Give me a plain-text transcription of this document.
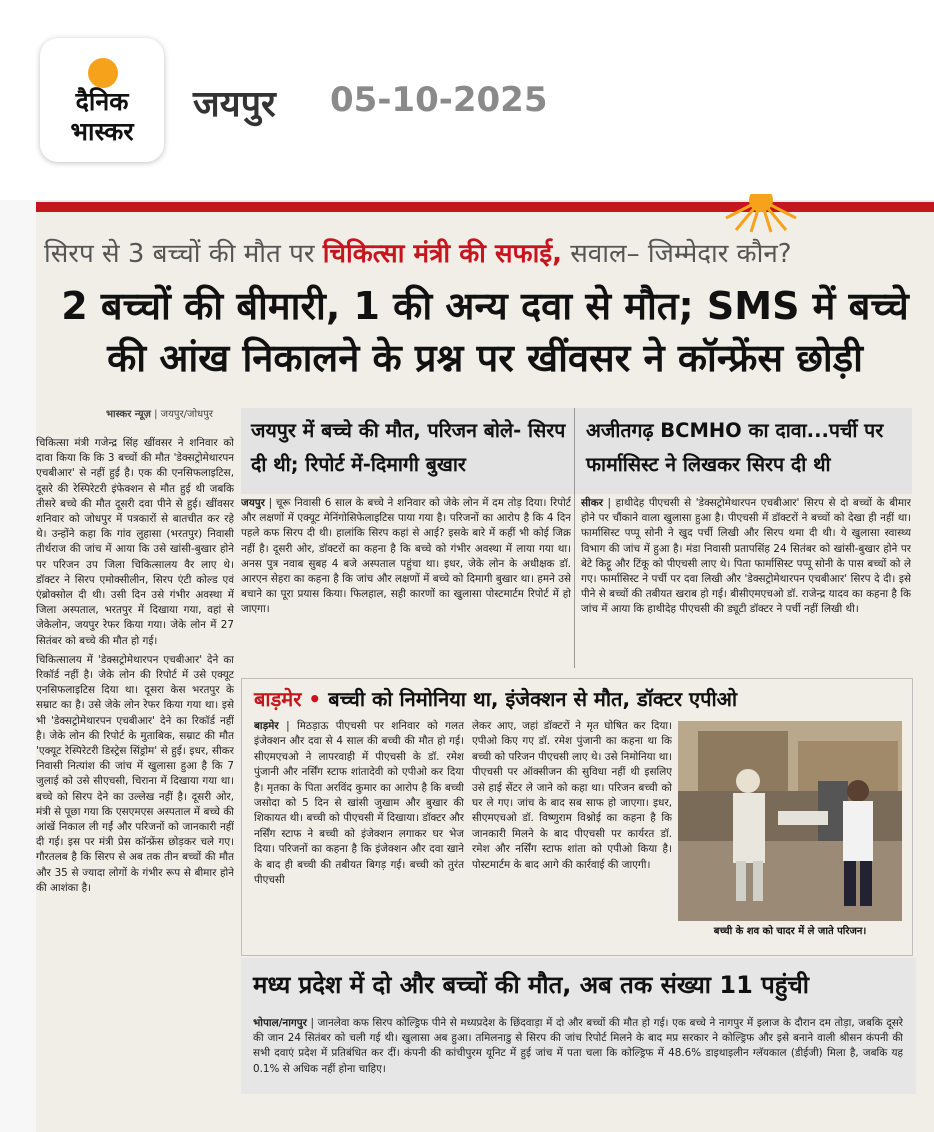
दैनिक
भास्कर
जयपुर 05-10-2025
सिरप से 3 बच्चों की मौत पर चिकित्सा मंत्री की सफाई, सवाल– जिम्मेदार कौन?
2 बच्चों की बीमारी, 1 की अन्य दवा से मौत; SMS में बच्चे
की आंख निकालने के प्रश्न पर खींवसर ने कॉन्फ्रेंस छोड़ी
भास्कर न्यूज़ | जयपुर/जोधपुर

चिकित्सा मंत्री गजेन्द्र सिंह खींवसर ने शनिवार को दावा किया कि कि 3 बच्चों की मौत 'डेक्सट्रोमेथारपन एचबीआर' से नहीं हुई है। एक की एनसिफलाइटिस, दूसरे की रेस्पिरेटरी इंफेक्शन से मौत हुई थी जबकि तीसरे बच्चे की मौत दूसरी दवा पीने से हुई। खींवसर शनिवार को जोधपुर में पत्रकारों से बातचीत कर रहे थे। उन्होंने कहा कि गांव लुहासा (भरतपुर) निवासी तीर्थराज की जांच में आया कि उसे खांसी-बुखार होने पर परिजन उप जिला चिकित्सालय वैर लाए थे। डॉक्टर ने सिरप एमोक्सीलीन, सिरप एंटी कोल्ड एवं एंब्रोक्सोल दी थी। उसी दिन उसे गंभीर अवस्था में जिला अस्पताल, भरतपुर में दिखाया गया, वहां से जेकेलोन, जयपुर रेफर किया गया। जेके लोन में 27 सितंबर को बच्चे की मौत हो गई।

चिकित्सालय में 'डेक्सट्रोमेथारपन एचबीआर' देने का रिकॉर्ड नहीं है। जेके लोन की रिपोर्ट में उसे एक्यूट एनसिफलाइटिस दिया था। दूसरा केस भरतपुर के सम्राट का है। उसे जेके लोन रेफर किया गया था। इसे भी 'डेक्सट्रोमेथारपन एचबीआर' देने का रिकॉर्ड नहीं है। जेके लोन की रिपोर्ट के मुताबिक, सम्राट की मौत 'एक्यूट रेस्पिरेटरी डिस्ट्रेस सिंड्रोम' से हुई। इधर, सीकर निवासी नित्यांश की जांच में खुलासा हुआ है कि 7 जुलाई को उसे सीएचसी, चिराना में दिखाया गया था। बच्चे को सिरप देने का उल्लेख नहीं है। दूसरी ओर, मंत्री से पूछा गया कि एसएमएस अस्पताल में बच्चे की आंखें निकाल ली गईं और परिजनों को जानकारी नहीं दी गई। इस पर मंत्री प्रेस कॉन्फ्रेंस छोड़कर चले गए। गौरतलब है कि सिरप से अब तक तीन बच्चों की मौत और 35 से ज्यादा लोगों के गंभीर रूप से बीमार होने की आशंका है।

जयपुर में बच्चे की मौत, परिजन बोले- सिरप दी थी; रिपोर्ट में-दिमागी बुखार
अजीतगढ़ BCMHO का दावा...पर्ची पर फार्मासिस्ट ने लिखकर सिरप दी थी
जयपुर | चूरू निवासी 6 साल के बच्चे ने शनिवार को जेके लोन में दम तोड़ दिया। रिपोर्ट और लक्षणों में एक्यूट मेनिंगोसिफेलाइटिस पाया गया है। परिजनों का आरोप है कि 4 दिन पहले कफ सिरप दी थी। हालांकि सिरप कहां से आई? इसके बारे में कहीं भी कोई जिक्र नहीं है। दूसरी ओर, डॉक्टरों का कहना है कि बच्चे को गंभीर अवस्था में लाया गया था। अनस पुत्र नवाब सुबह 4 बजे अस्पताल पहुंचा था। इधर, जेके लोन के अधीक्षक डॉ. आरएन सेहरा का कहना है कि जांच और लक्षणों में बच्चे को दिमागी बुखार था। हमने उसे बचाने का पूरा प्रयास किया। फिलहाल, सही कारणों का खुलासा पोस्टमार्टम रिपोर्ट में हो जाएगा।
सीकर | हाथीदेह पीएचसी से 'डेक्सट्रोमेथारपन एचबीआर' सिरप से दो बच्चों के बीमार होने पर चौंकाने वाला खुलासा हुआ है। पीएचसी में डॉक्टरों ने बच्चों को देखा ही नहीं था। फार्मासिस्ट पप्पू सोनी ने खुद पर्ची लिखी और सिरप थमा दी थी। ये खुलासा स्वास्थ्य विभाग की जांच में हुआ है। मंडा निवासी प्रतापसिंह 24 सितंबर को खांसी-बुखार होने पर बेटे किट्टू और टिंकू को पीएचसी लाए थे। पिता फार्मासिस्ट पप्पू सोनी के पास बच्चों को ले गए। फार्मासिस्ट ने पर्ची पर दवा लिखी और 'डेक्सट्रोमेथारपन एचबीआर' सिरप दे दी। इसे पीने से बच्चों की तबीयत खराब हो गई। बीसीएमएचओ डॉ. राजेन्द्र यादव का कहना है कि जांच में आया कि हाथीदेह पीएचसी की ड्यूटी डॉक्टर ने पर्ची नहीं लिखी थी।
बाड़मेर • बच्ची को निमोनिया था, इंजेक्शन से मौत, डॉक्टर एपीओ
बाड़मेर | मिठड़ाऊ पीएचसी पर शनिवार को गलत इंजेक्शन और दवा से 4 साल की बच्ची की मौत हो गई। सीएमएचओ ने लापरवाही में पीएचसी के डॉ. रमेश पुंजानी और नर्सिंग स्टाफ शांतादेवी को एपीओ कर दिया है। मृतका के पिता अरविंद कुमार का आरोप है कि बच्ची जसोदा को 5 दिन से खांसी जुखाम और बुखार की शिकायत थी। बच्ची को पीएचसी में दिखाया। डॉक्टर और नर्सिंग स्टाफ ने बच्ची को इंजेक्शन लगाकर घर भेज दिया। परिजनों का कहना है कि इंजेक्शन और दवा खाने के बाद ही बच्ची की तबीयत बिगड़ गई। बच्ची को तुरंत पीएचसी
लेकर आए, जहां डॉक्टरों ने मृत घोषित कर दिया। एपीओ किए गए डॉ. रमेश पुंजानी का कहना था कि बच्ची को परिजन पीएचसी लाए थे। उसे निमोनिया था। पीएचसी पर ऑक्सीजन की सुविधा नहीं थी इसलिए उसे हाई सेंटर ले जाने को कहा था। परिजन बच्ची को घर ले गए। जांच के बाद सब साफ हो जाएगा। इधर, सीएमएचओ डॉ. विष्णुराम विश्नोई का कहना है कि जानकारी मिलने के बाद पीएचसी पर कार्यरत डॉ. रमेश और नर्सिंग स्टाफ शांता को एपीओ किया है। पोस्टमार्टम के बाद आगे की कार्रवाई की जाएगी।
बच्ची के शव को चादर में ले जाते परिजन।
मध्य प्रदेश में दो और बच्चों की मौत, अब तक संख्या 11 पहुंची
भोपाल/नागपुर | जानलेवा कफ सिरप कोल्ड्रिफ पीने से मध्यप्रदेश के छिंदवाड़ा में दो और बच्चों की मौत हो गई। एक बच्चे ने नागपुर में इलाज के दौरान दम तोड़ा, जबकि दूसरे की जान 24 सितंबर को चली गई थी। खुलासा अब हुआ। तमिलनाडु से सिरप की जांच रिपोर्ट मिलने के बाद मप्र सरकार ने कोल्ड्रिफ और इसे बनाने वाली श्रीसन कंपनी की सभी दवाएं प्रदेश में प्रतिबंधित कर दीं। कंपनी की कांचीपुरम यूनिट में हुई जांच में पता चला कि कोल्ड्रिफ में 48.6% डाइथाइलीन ग्लॅयकाल (डीईजी) मिला है, जबकि यह 0.1% से अधिक नहीं होना चाहिए।
